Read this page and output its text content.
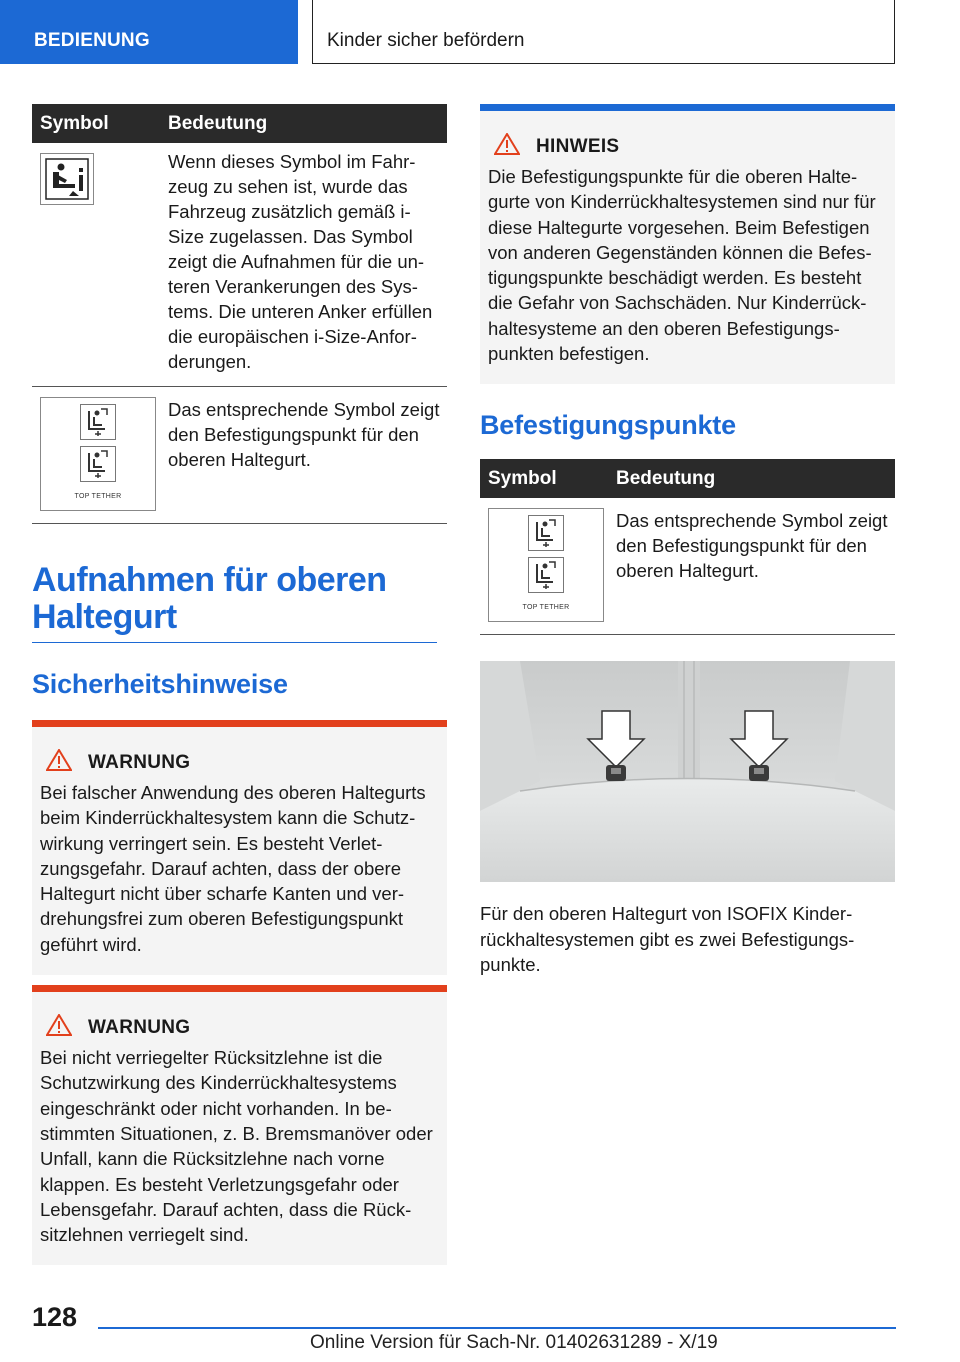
BEDIENUNG	Kinder sicher befördern
Symbol	Bedeutung

	Wenn dieses Symbol im Fahrzeug zu sehen ist, wurde das Fahrzeug zusätzlich gemäß i-Size zugelassen. Das Symbol zeigt die Aufnahmen für die unteren Verankerungen des Systems. Die unteren Anker erfüllen die europäischen i-Size-Anforderungen.

TOP TETHER	Das entsprechende Symbol zeigt den Befestigungspunkt für den oberen Haltegurt.
Aufnahmen für oberen Haltegurt
Sicherheitshinweise
WARNUNG
Bei falscher Anwendung des oberen Haltegurts beim Kinderrückhaltesystem kann die Schutzwirkung verringert sein. Es besteht Verletzungsgefahr. Darauf achten, dass der obere Haltegurt nicht über scharfe Kanten und verdrehungsfrei zum oberen Befestigungspunkt geführt wird.
WARNUNG
Bei nicht verriegelter Rücksitzlehne ist die Schutzwirkung des Kinderrückhaltesystems eingeschränkt oder nicht vorhanden. In bestimmten Situationen, z. B. Bremsmanöver oder Unfall, kann die Rücksitzlehne nach vorne klappen. Es besteht Verletzungsgefahr oder Lebensgefahr. Darauf achten, dass die Rücksitzlehnen verriegelt sind.
HINWEIS
Die Befestigungspunkte für die oberen Haltegurte von Kinderrückhaltesystemen sind nur für diese Haltegurte vorgesehen. Beim Befestigen von anderen Gegenständen können die Befestigungspunkte beschädigt werden. Es besteht die Gefahr von Sachschäden. Nur Kinderrückhaltesysteme an den oberen Befestigungspunkten befestigen.
Befestigungspunkte
Symbol	Bedeutung

TOP TETHER	Das entsprechende Symbol zeigt den Befestigungspunkt für den oberen Haltegurt.
Für den oberen Haltegurt von ISOFIX Kinderrückhaltesystemen gibt es zwei Befestigungspunkte.
128
Online Version für Sach-Nr. 01402631289 - X/19
